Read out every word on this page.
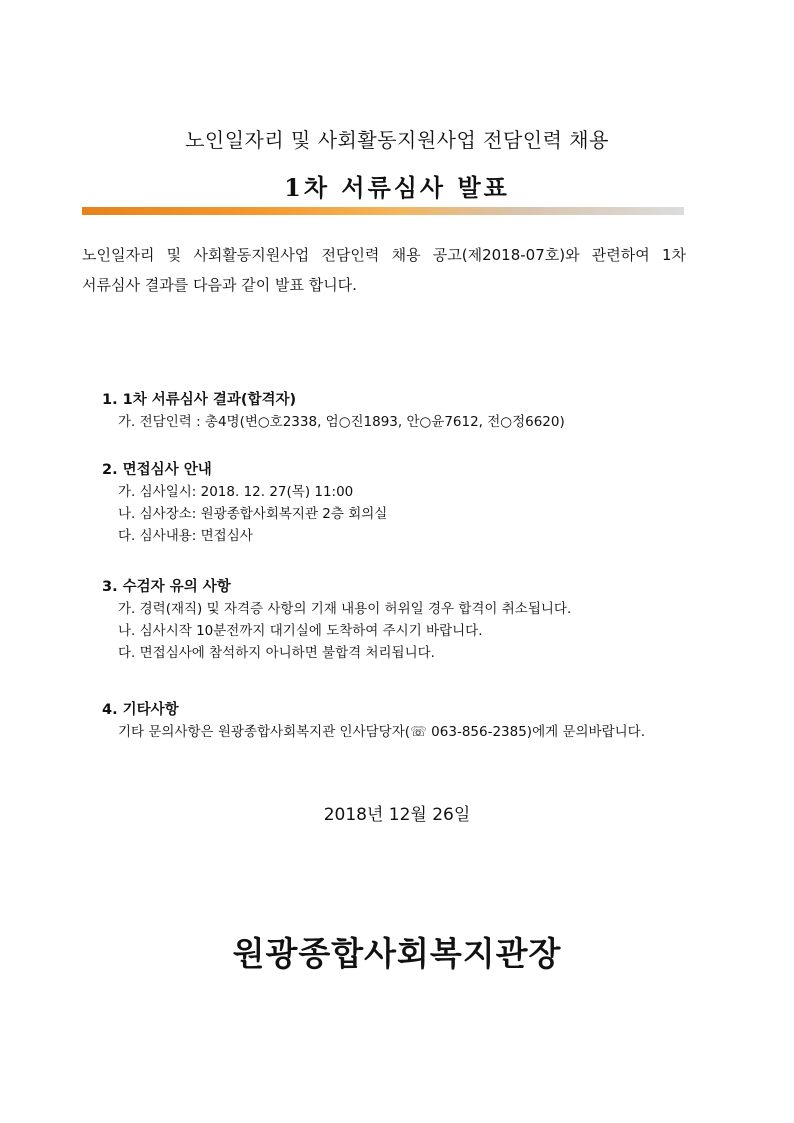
노인일자리 및 사회활동지원사업 전담인력 채용
1차 서류심사 발표

노인일자리 및 사회활동지원사업 전담인력 채용 공고(제2018-07호)와 관련하여 1차 서류심사 결과를 다음과 같이 발표 합니다.

1. 1차 서류심사 결과(합격자)

가. 전담인력 : 총4명(변○호2338, 엄○진1893, 안○윤7612, 전○정6620)

2. 면접심사 안내

가. 심사일시: 2018. 12. 27(목) 11:00

나. 심사장소: 원광종합사회복지관 2층 회의실

다. 심사내용: 면접심사

3. 수검자 유의 사항

가. 경력(재직) 및 자격증 사항의 기재 내용이 허위일 경우 합격이 취소됩니다.

나. 심사시작 10분전까지 대기실에 도착하여 주시기 바랍니다.

다. 면접심사에 참석하지 아니하면 불합격 처리됩니다.

4. 기타사항

기타 문의사항은 원광종합사회복지관 인사담당자(☏ 063-856-2385)에게 문의바랍니다.

2018년 12월 26일
원광종합사회복지관장
